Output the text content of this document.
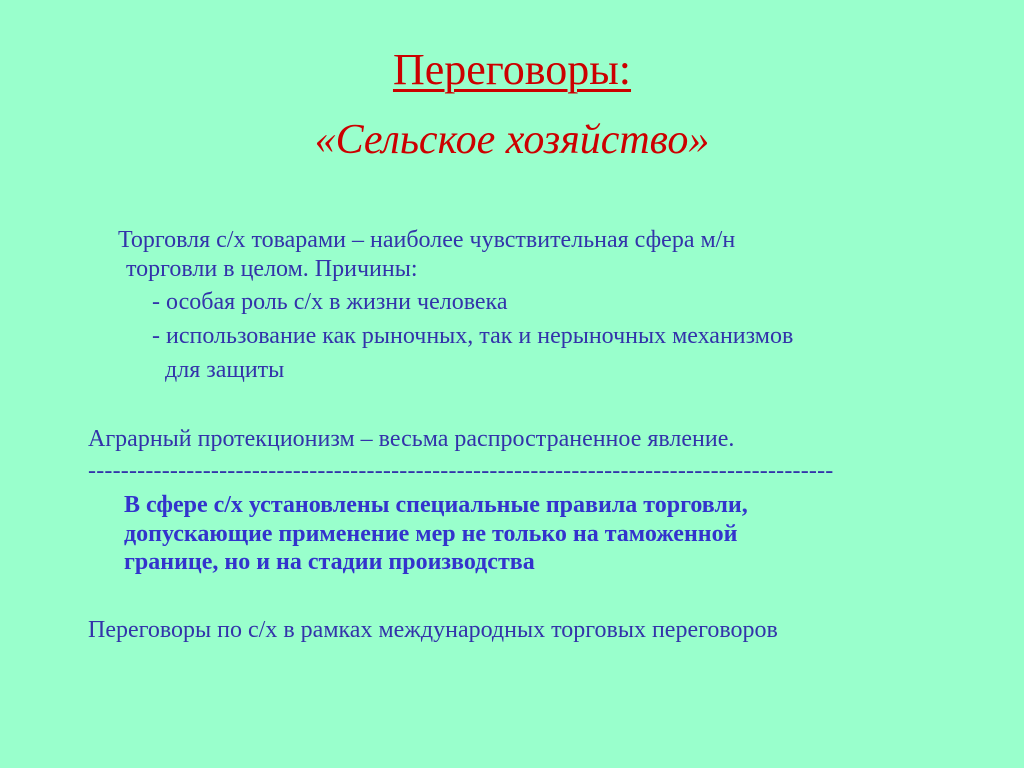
Переговоры:
«Сельское хозяйство»
Торговля с/х товарами – наиболее чувствительная сфера м/н
торговли в целом. Причины:
- особая роль с/х в жизни человека
- использование как рыночных, так и нерыночных механизмов
для защиты
Аграрный протекционизм – весьма распространенное явление.
-------------------------------------------------------------------------------------------
В сфере с/х установлены специальные правила торговли,
допускающие применение мер не только на таможенной
границе, но и на стадии производства
Переговоры по с/х в рамках международных торговых переговоров
